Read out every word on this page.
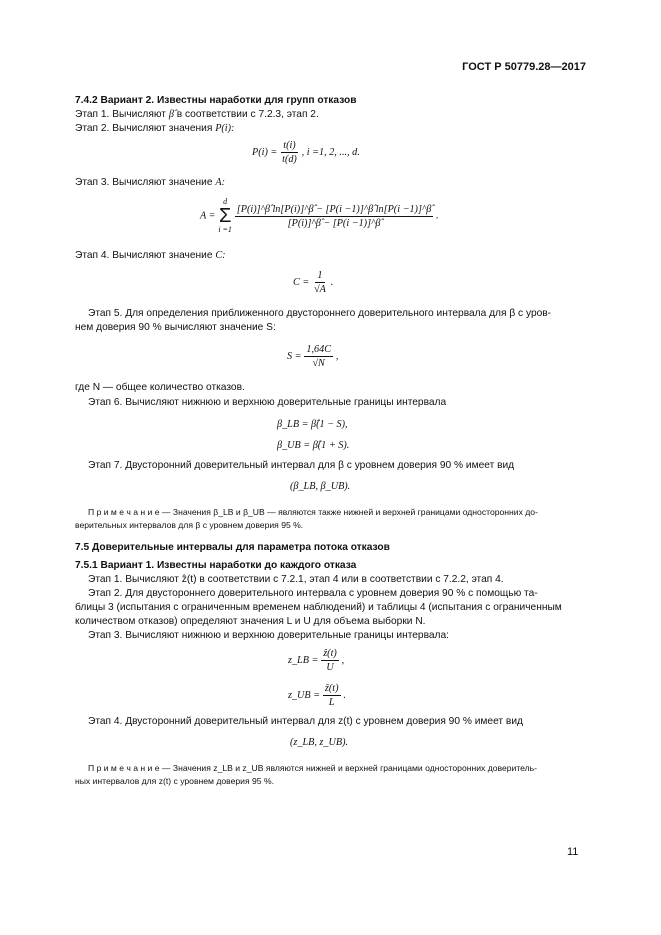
ГОСТ Р 50779.28—2017
7.4.2 Вариант 2. Известны наработки для групп отказов
Этап 1. Вычисляют β̂ в соответствии с 7.2.3, этап 2.
Этап 2. Вычисляют значения P(i):
$P(i) = \frac{t(i)}{t(d)}$ , i =1, 2, ..., d.
Этап 3. Вычисляют значение A:
A =
d
Σ
i =1

$\frac{[P(i)]\^{}\betâ \ln[P(i)]\^{}\betâ - [P(i -1)]\^{}\betâ \ln[P(i -1)]\^{}\betâ}{[P(i)]\^{}\betâ - [P(i -1)]\^{}\betâ}$ .
Этап 4. Вычисляют значение C:
$C = \frac{1}{√A}$ .
Этап 5. Для определения приближенного двустороннего доверительного интервала для β с уров-
нем доверия 90 % вычисляют значение S:
$S = \frac{1,64C}{√N}$ ,
где N — общее количество отказов.
Этап 6. Вычисляют нижнюю и верхнюю доверительные границы интервала
β_LB = β̂(1 − S),
β_UB = β̂(1 + S).
Этап 7. Двусторонний доверительный интервал для β с уровнем доверия 90 % имеет вид
(β_LB, β_UB).
П р и м е ч а н и е — Значения β_LB и β_UB — являются также нижней и верхней границами односторонних до-
верительных интервалов для β с уровнем доверия 95 %.
7.5 Доверительные интервалы для параметра потока отказов
7.5.1 Вариант 1. Известны наработки до каждого отказа
Этап 1. Вычисляют ẑ(t) в соответствии с 7.2.1, этап 4 или в соответствии с 7.2.2, этап 4.
Этап 2. Для двустороннего доверительного интервала с уровнем доверия 90 % с помощью та-
блицы 3 (испытания с ограниченным временем наблюдений) и таблицы 4 (испытания с ограниченным
количеством отказов) определяют значения L и U для объема выборки N.
Этап 3. Вычисляют нижнюю и верхнюю доверительные границы интервала:
z_LB = $\frac{\text{ẑ(t)}}{U}$ ,
z_UB = $\frac{\text{ẑ(t)}}{L}$ .
Этап 4. Двусторонний доверительный интервал для z(t) с уровнем доверия 90 % имеет вид
(z_LB, z_UB).
П р и м е ч а н и е — Значения z_LB и z_UB являются нижней и верхней границами односторонних доверитель-
ных интервалов для z(t) с уровнем доверия 95 %.
11
